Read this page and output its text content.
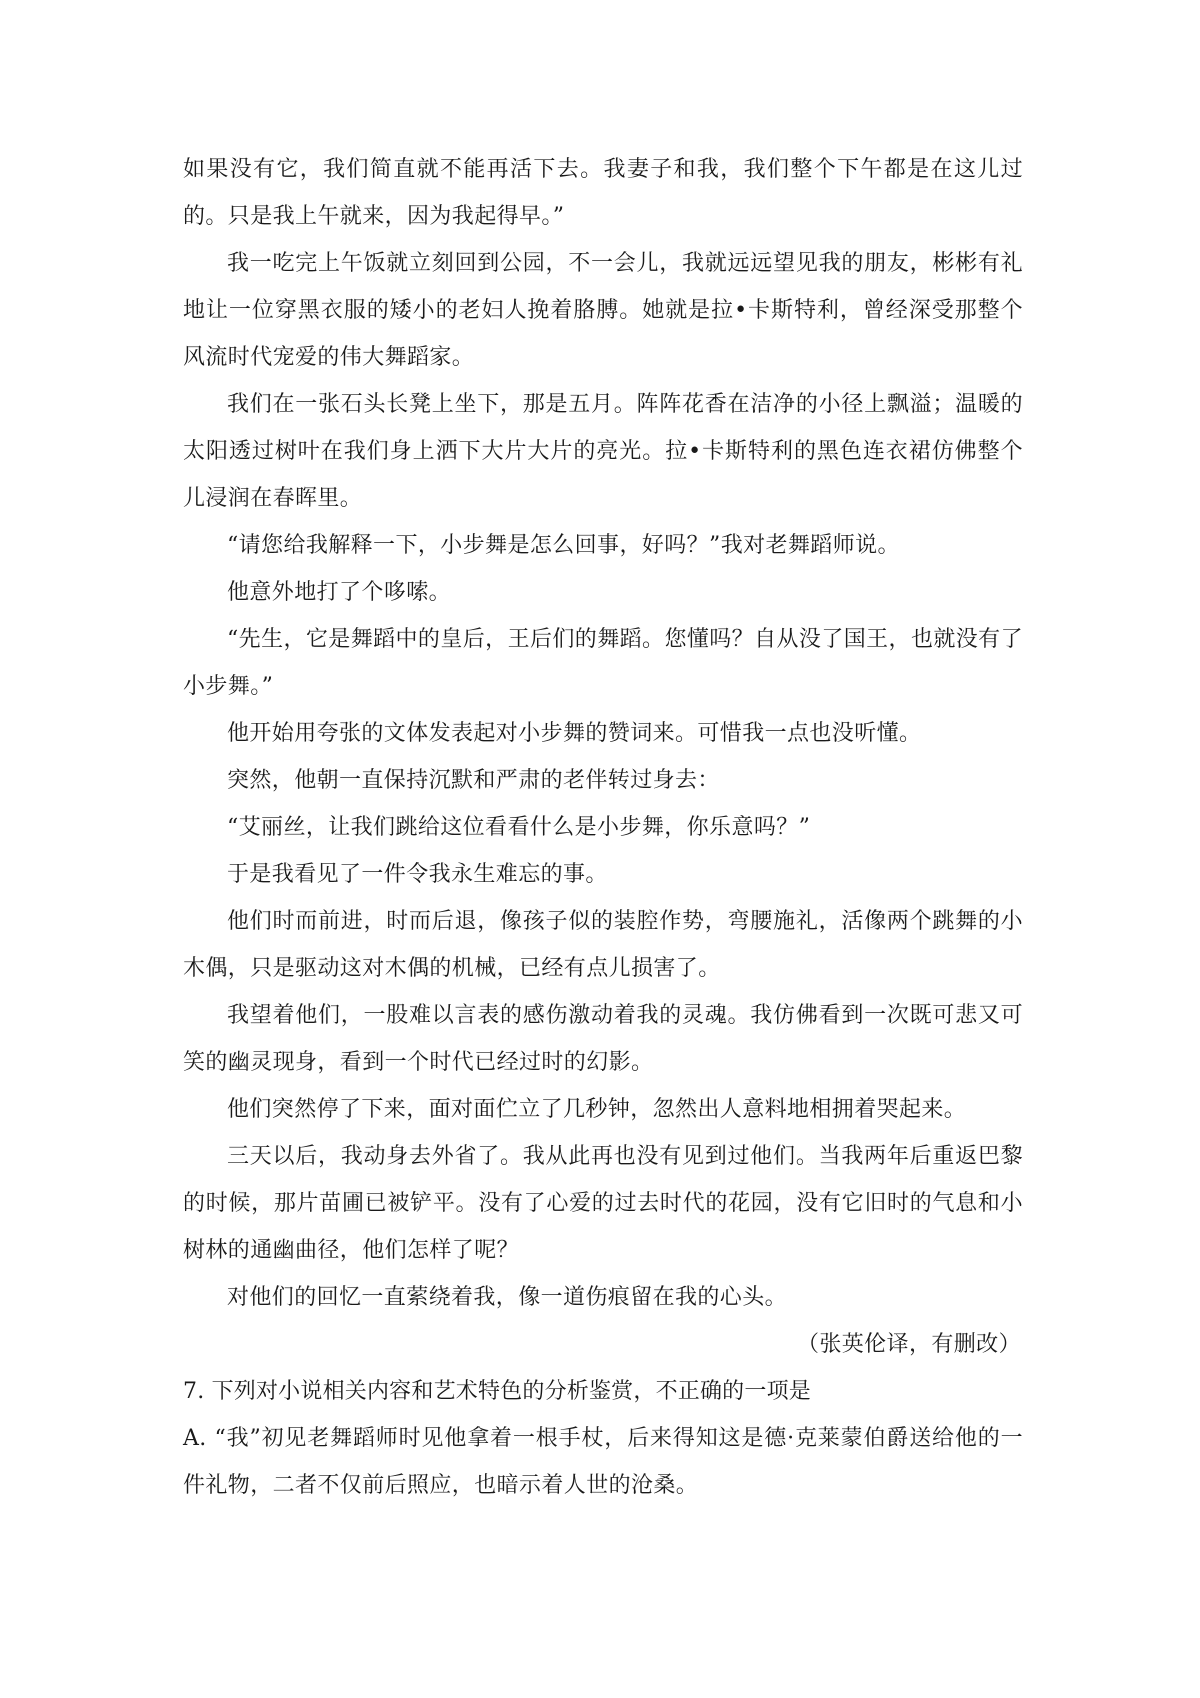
如果没有它，我们简直就不能再活下去。我妻子和我，我们整个下午都是在这儿过的。只是我上午就来，因为我起得早。”

我一吃完上午饭就立刻回到公园，不一会儿，我就远远望见我的朋友，彬彬有礼地让一位穿黑衣服的矮小的老妇人挽着胳膊。她就是拉•卡斯特利，曾经深受那整个风流时代宠爱的伟大舞蹈家。

我们在一张石头长凳上坐下，那是五月。阵阵花香在洁净的小径上飘溢；温暖的太阳透过树叶在我们身上洒下大片大片的亮光。拉•卡斯特利的黑色连衣裙仿佛整个儿浸润在春晖里。

“请您给我解释一下，小步舞是怎么回事，好吗？”我对老舞蹈师说。

他意外地打了个哆嗦。

“先生，它是舞蹈中的皇后，王后们的舞蹈。您懂吗？自从没了国王，也就没有了小步舞。”

他开始用夸张的文体发表起对小步舞的赞词来。可惜我一点也没听懂。

突然，他朝一直保持沉默和严肃的老伴转过身去：

“艾丽丝，让我们跳给这位看看什么是小步舞，你乐意吗？”

于是我看见了一件令我永生难忘的事。

他们时而前进，时而后退，像孩子似的装腔作势，弯腰施礼，活像两个跳舞的小木偶，只是驱动这对木偶的机械，已经有点儿损害了。

我望着他们，一股难以言表的感伤激动着我的灵魂。我仿佛看到一次既可悲又可笑的幽灵现身，看到一个时代已经过时的幻影。

他们突然停了下来，面对面伫立了几秒钟，忽然出人意料地相拥着哭起来。

三天以后，我动身去外省了。我从此再也没有见到过他们。当我两年后重返巴黎的时候，那片苗圃已被铲平。没有了心爱的过去时代的花园，没有它旧时的气息和小树林的通幽曲径，他们怎样了呢？

对他们的回忆一直萦绕着我，像一道伤痕留在我的心头。

（张英伦译，有删改）

7. 下列对小说相关内容和艺术特色的分析鉴赏，不正确的一项是

A. “我”初见老舞蹈师时见他拿着一根手杖，后来得知这是德·克莱蒙伯爵送给他的一件礼物，二者不仅前后照应，也暗示着人世的沧桑。
